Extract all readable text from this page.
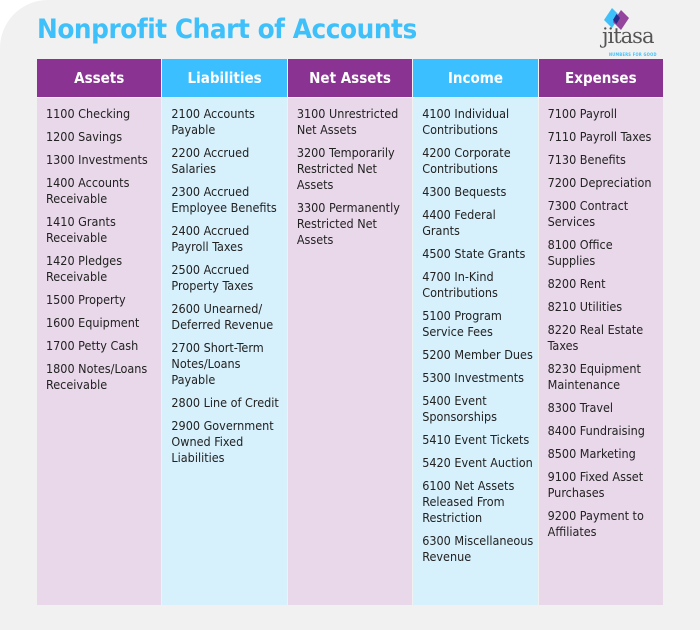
Nonprofit Chart of Accounts	jitasa
NUMBERS FOR GOOD
Assets
1100 Checking
1200 Savings
1300 Investments
1400 Accounts Receivable
1410 Grants Receivable
1420 Pledges Receivable
1500 Property
1600 Equipment
1700 Petty Cash
1800 Notes/Loans Receivable
Liabilities
2100 Accounts Payable
2200 Accrued Salaries
2300 Accrued Employee Benefits
2400 Accrued Payroll Taxes
2500 Accrued Property Taxes
2600 Unearned/ Deferred Revenue
2700 Short-Term Notes/Loans Payable
2800 Line of Credit
2900 Government Owned Fixed Liabilities
Net Assets
3100 Unrestricted Net Assets
3200 Temporarily Restricted Net Assets
3300 Permanently Restricted Net Assets
Income
4100 Individual Contributions
4200 Corporate Contributions
4300 Bequests
4400 Federal Grants
4500 State Grants
4700 In-Kind Contributions
5100 Program Service Fees
5200 Member Dues
5300 Investments
5400 Event Sponsorships
5410 Event Tickets
5420 Event Auction
6100 Net Assets Released From Restriction
6300 Miscellaneous Revenue
Expenses
7100 Payroll
7110 Payroll Taxes
7130 Benefits
7200 Depreciation
7300 Contract Services
8100 Office Supplies
8200 Rent
8210 Utilities
8220 Real Estate Taxes
8230 Equipment Maintenance
8300 Travel
8400 Fundraising
8500 Marketing
9100 Fixed Asset Purchases
9200 Payment to Affiliates
